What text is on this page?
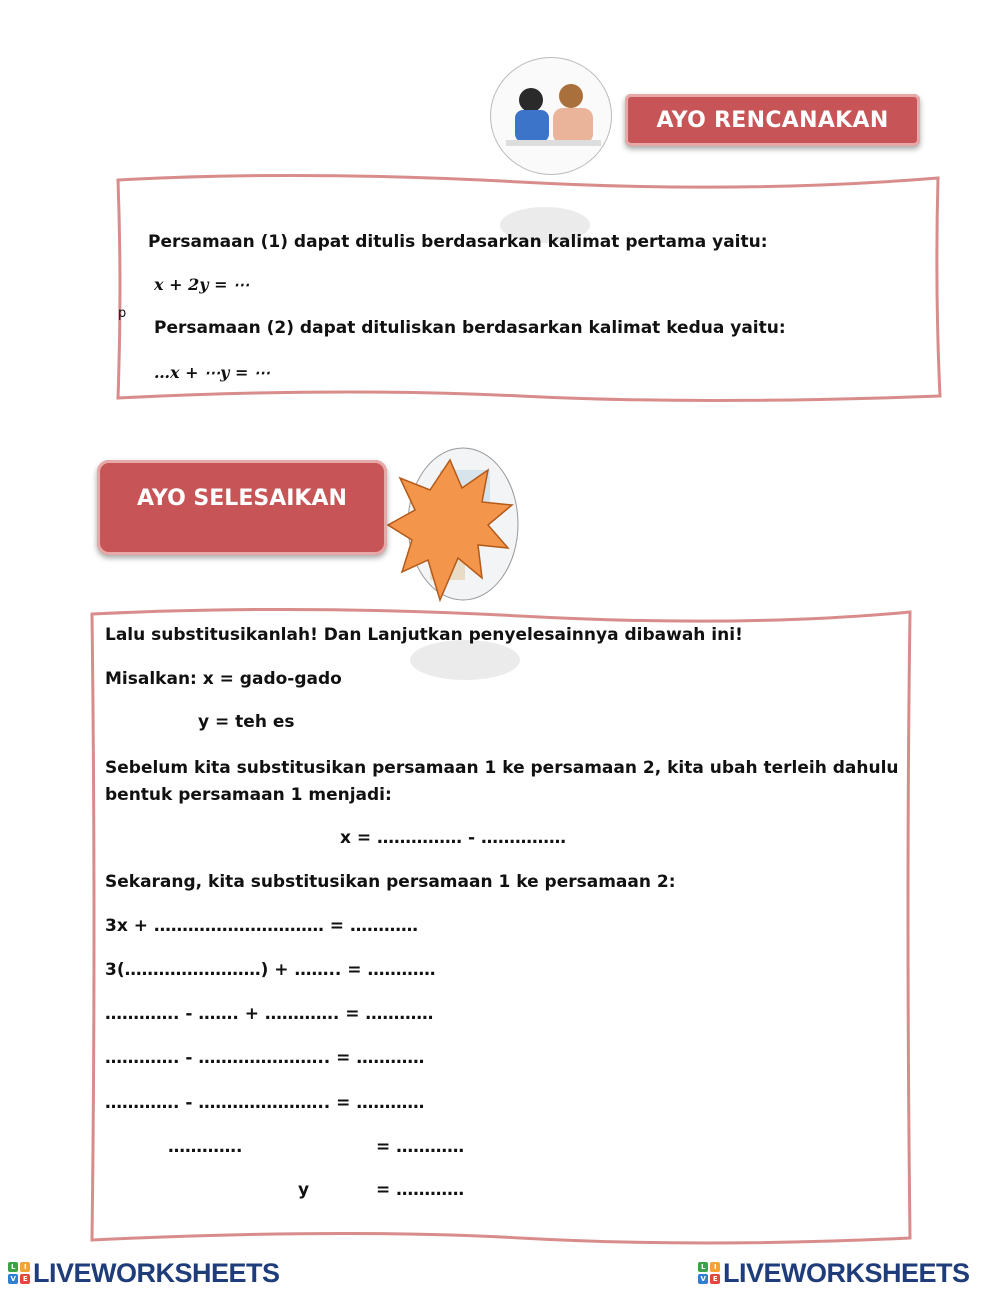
AYO RENCANAKAN
Persamaan (1) dapat ditulis berdasarkan kalimat pertama yaitu:
x + 2y = ⋯
p
Persamaan (2) dapat dituliskan berdasarkan kalimat kedua yaitu:
…x + ⋯y = ⋯
AYO SELESAIKAN
Lalu substitusikanlah! Dan Lanjutkan penyelesainnya dibawah ini!
Misalkan: x = gado-gado
y = teh es
Sebelum kita substitusikan persamaan 1 ke persamaan 2, kita ubah terleih dahulu
bentuk persamaan 1 menjadi:
x = …………… - ……………
Sekarang, kita substitusikan persamaan 1 ke persamaan 2:
3x + ………………………… = …………
3(……………………) + …….. = …………
…………. - ……. + …………. = …………
…………. - ………………….. = …………
…………. - ………………….. = …………
………….	= …………
y	= …………
L	I
V	E LIVEWORKSHEETS	L	I
V	E LIVEWORKSHEETS
